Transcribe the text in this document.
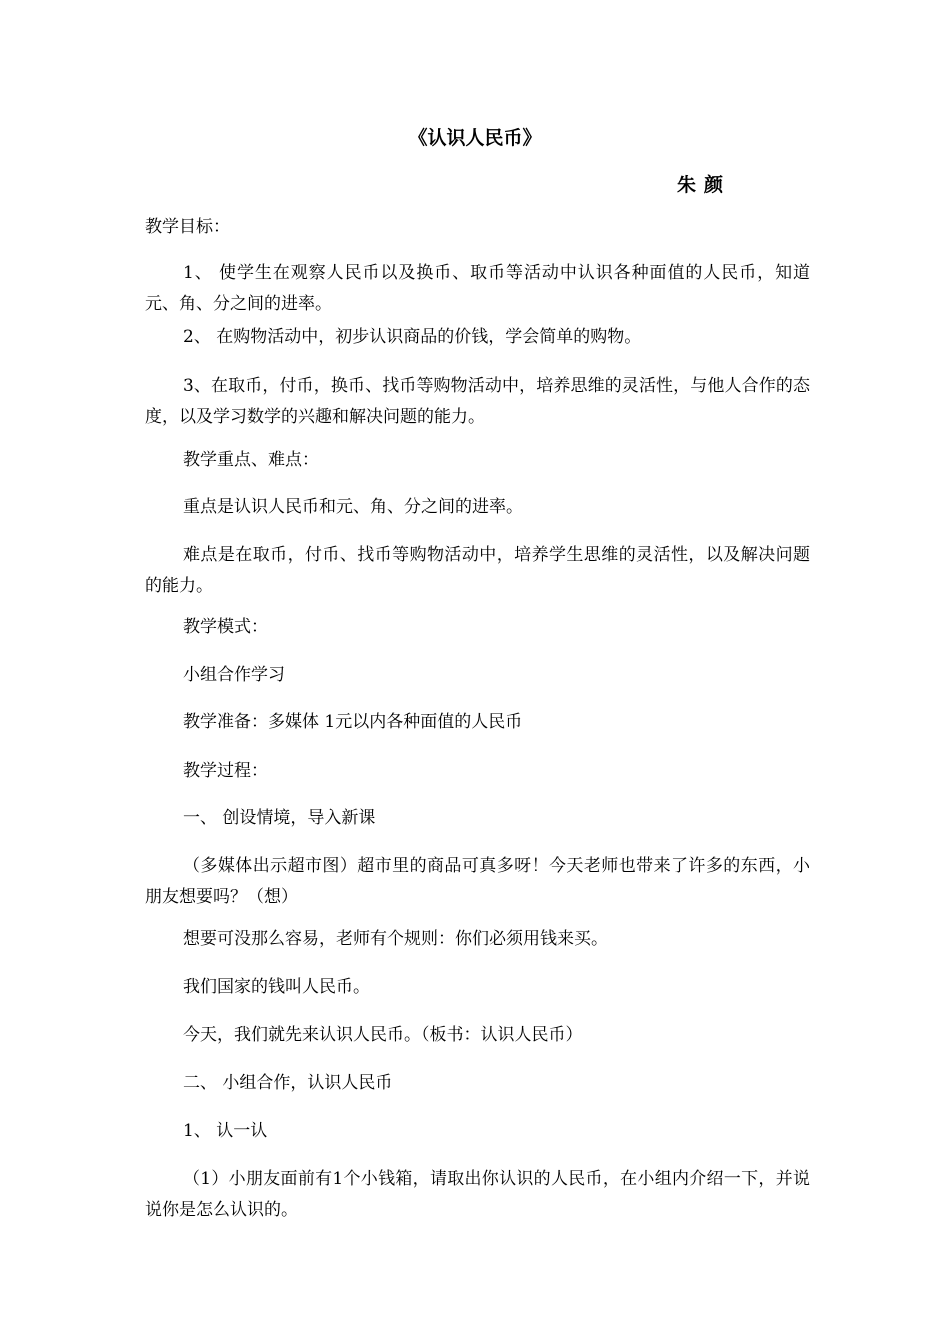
《认识人民币》
朱颜

教学目标：

1、 使学生在观察人民币以及换币、取币等活动中认识各种面值的人民币，知道元、角、分之间的进率。

2、 在购物活动中，初步认识商品的价钱，学会简单的购物。

3、在取币，付币，换币、找币等购物活动中，培养思维的灵活性，与他人合作的态度，以及学习数学的兴趣和解决问题的能力。

教学重点、难点：

重点是认识人民币和元、角、分之间的进率。

难点是在取币，付币、找币等购物活动中，培养学生思维的灵活性，以及解决问题的能力。

教学模式：

小组合作学习

教学准备：多媒体 1元以内各种面值的人民币

教学过程：

一、 创设情境，导入新课

（多媒体出示超市图）超市里的商品可真多呀！今天老师也带来了许多的东西，小朋友想要吗？（想）

想要可没那么容易，老师有个规则：你们必须用钱来买。

我们国家的钱叫人民币。

今天，我们就先来认识人民币。（板书：认识人民币）

二、 小组合作，认识人民币

1、 认一认

（1）小朋友面前有1个小钱箱，请取出你认识的人民币，在小组内介绍一下，并说说你是怎么认识的。
